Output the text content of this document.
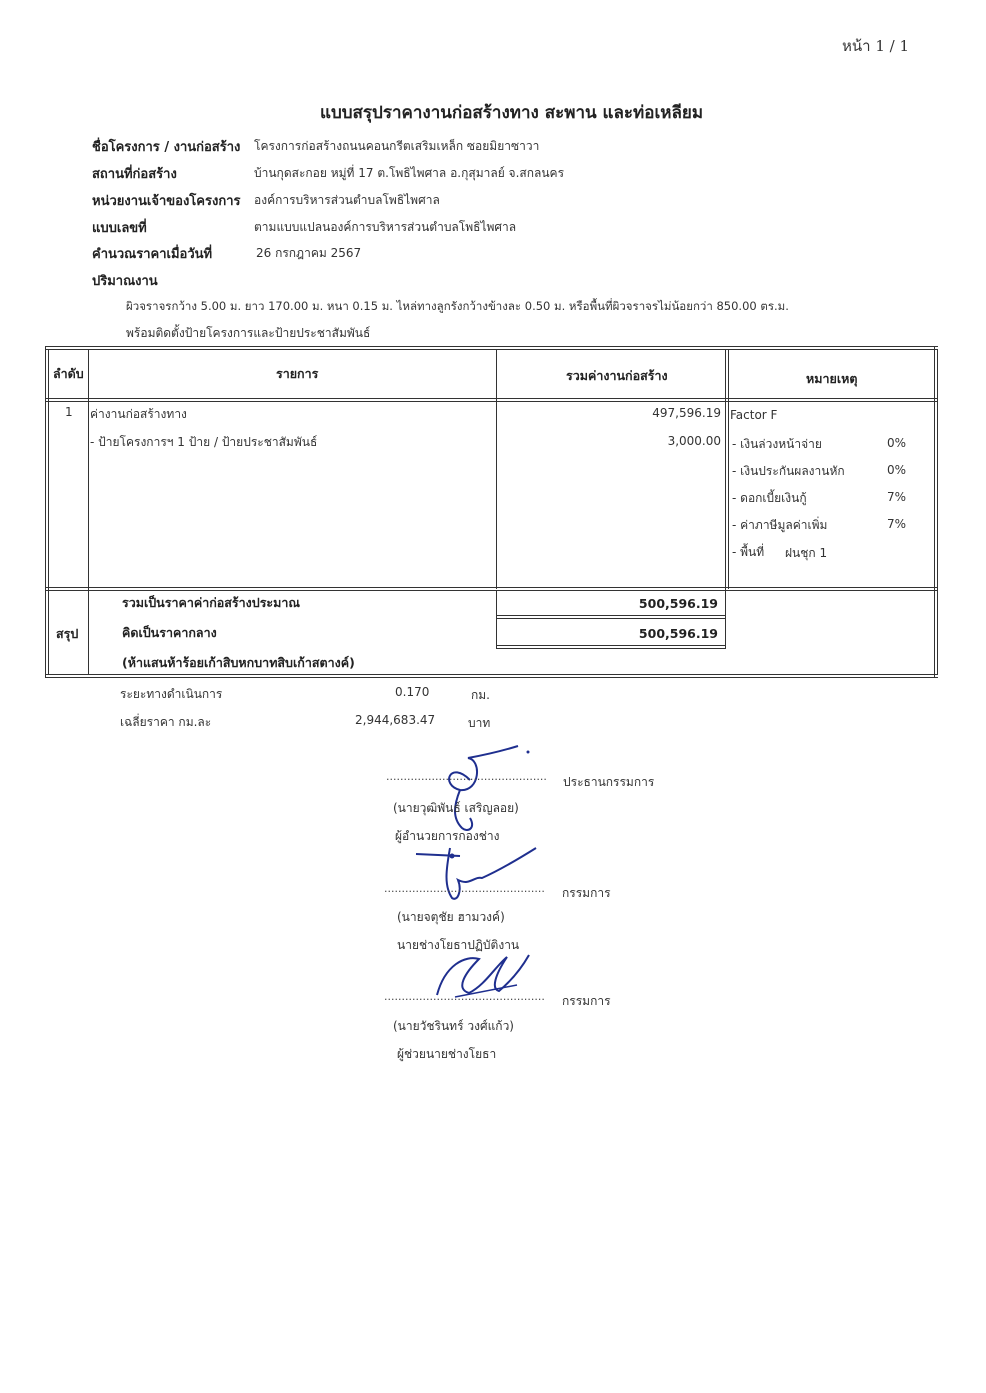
หน้า 1 / 1
แบบสรุปราคางานก่อสร้างทาง สะพาน และท่อเหลียม
ชื่อโครงการ / งานก่อสร้าง โครงการก่อสร้างถนนคอนกรีตเสริมเหล็ก ซอยมิยาซาวา
สถานที่ก่อสร้าง	บ้านกุดสะกอย หมู่ที่ 17 ต.โพธิไพศาล อ.กุสุมาลย์ จ.สกลนคร
หน่วยงานเจ้าของโครงการ องค์การบริหารส่วนตำบลโพธิไพศาล
แบบเลขที่	ตามแบบแปลนองค์การบริหารส่วนตำบลโพธิไพศาล
คำนวณราคาเมื่อวันที่	26 กรกฎาคม 2567
ปริมาณงาน
ผิวจราจรกว้าง 5.00 ม. ยาว 170.00 ม. หนา 0.15 ม. ไหล่ทางลูกรังกว้างข้างละ 0.50 ม. หรือพื้นที่ผิวจราจรไม่น้อยกว่า 850.00 ตร.ม.
พร้อมติดตั้งป้ายโครงการและป้ายประชาสัมพันธ์
ลำดับ	รายการ	รวมค่างานก่อสร้าง	หมายเหตุ
1 ค่างานก่อสร้างทาง	497,596.19
- ป้ายโครงการฯ 1 ป้าย / ป้ายประชาสัมพันธ์	3,000.00
Factor F
- เงินล่วงหน้าจ่าย	0%
- เงินประกันผลงานหัก	0%
- ดอกเบี้ยเงินกู้	7%
- ค่าภาษีมูลค่าเพิ่ม	7%
- พื้นที่ ฝนชุก 1
สรุป
รวมเป็นราคาค่าก่อสร้างประมาณ	500,596.19
คิดเป็นราคากลาง	500,596.19
(ห้าแสนห้าร้อยเก้าสิบหกบาทสิบเก้าสตางค์)
ระยะทางดำเนินการ	0.170	กม.
เฉลี่ยราคา กม.ละ	2,944,683.47	บาท
.............................................. ประธานกรรมการ
(นายวุฒิพันธ์ เสริญลอย)
ผู้อำนวยการกองช่าง
.............................................. กรรมการ
(นายจตุชัย ฮามวงค์)
นายช่างโยธาปฏิบัติงาน
.............................................. กรรมการ
(นายวัชรินทร์ วงศ์แก้ว)
ผู้ช่วยนายช่างโยธา
